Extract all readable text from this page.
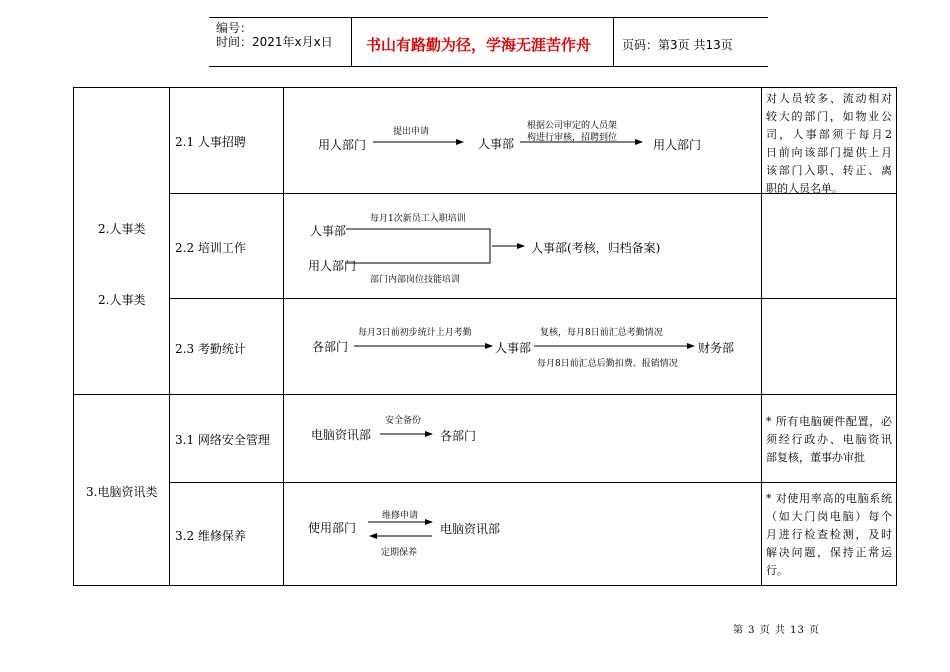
编号：
时间：2021年x月x日 书山有路勤为径，学海无涯苦作舟	页码：第3页 共13页
2.人事类
2.人事类
3.电脑资讯类
2.1 人事招聘
2.2 培训工作
2.3 考勤统计
3.1 网络安全管理
3.2 维修保养
用人部门
提出申请
人事部
根据公司审定的人员架
构进行审核，招聘到位	用人部门
对人员较多、流动相对
较大的部门，如物业公
司，人事部须于每月2
日前向该部门提供上月
该部门入职、转正、离
职的人员名单。
人事部
每月1次新员工入职培训
用人部门
部门内部岗位技能培训
人事部(考核，归档备案)
各部门
每月3日前初步统计上月考勤
人事部
复核，每月8日前汇总考勤情况
每月8日前汇总后勤扣费、报销情况
财务部
电脑资讯部
安全备份
各部门
* 所有电脑硬件配置，必
须经行政办、电脑资讯
部复核，董事办审批
使用部门
维修申请
电脑资讯部
定期保养
* 对使用率高的电脑系统
（如大门岗电脑）每个
月进行检查检测，及时
解决问题，保持正常运
行。
第 3 页 共 13 页
